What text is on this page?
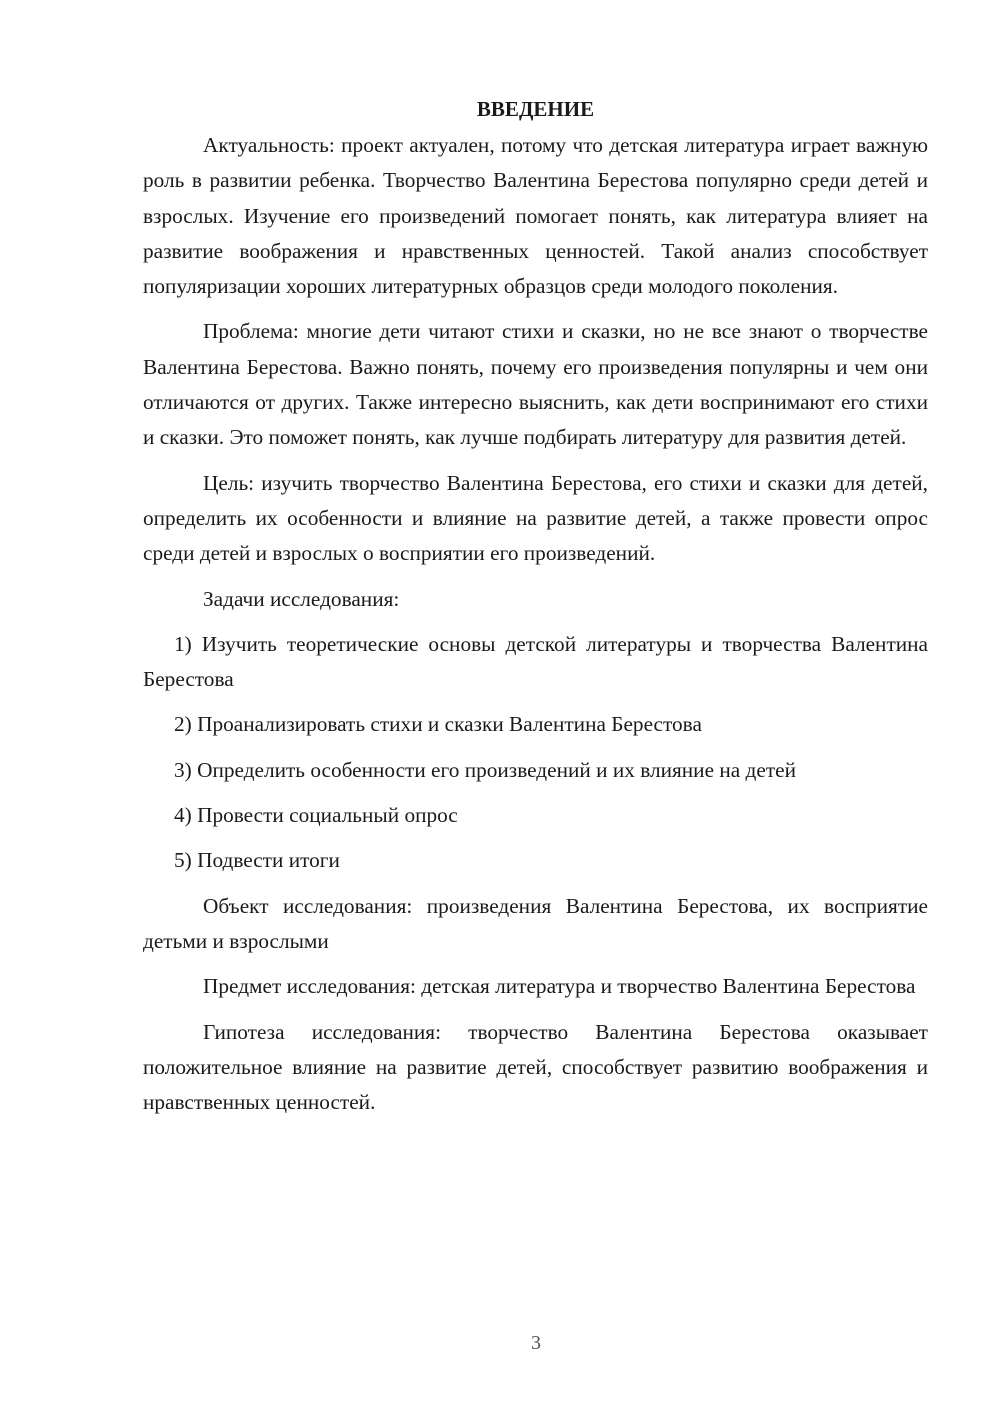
ВВЕДЕНИЕ

Актуальность: проект актуален, потому что детская литература играет важную роль в развитии ребенка. Творчество Валентина Берестова популярно среди детей и взрослых. Изучение его произведений помогает понять, как литература влияет на развитие воображения и нравственных ценностей. Такой анализ способствует популяризации хороших литературных образцов среди молодого поколения.

Проблема: многие дети читают стихи и сказки, но не все знают о творчестве Валентина Берестова. Важно понять, почему его произведения популярны и чем они отличаются от других. Также интересно выяснить, как дети воспринимают его стихи и сказки. Это поможет понять, как лучше подбирать литературу для развития детей.

Цель: изучить творчество Валентина Берестова, его стихи и сказки для детей, определить их особенности и влияние на развитие детей, а также провести опрос среди детей и взрослых о восприятии его произведений.

Задачи исследования:

1) Изучить теоретические основы детской литературы и творчества Валентина Берестова

2) Проанализировать стихи и сказки Валентина Берестова

3) Определить особенности его произведений и их влияние на детей

4) Провести социальный опрос

5) Подвести итоги

Объект исследования: произведения Валентина Берестова, их восприятие детьми и взрослыми

Предмет исследования: детская литература и творчество Валентина Берестова

Гипотеза исследования: творчество Валентина Берестова оказывает положительное влияние на развитие детей, способствует развитию воображения и нравственных ценностей.

3
